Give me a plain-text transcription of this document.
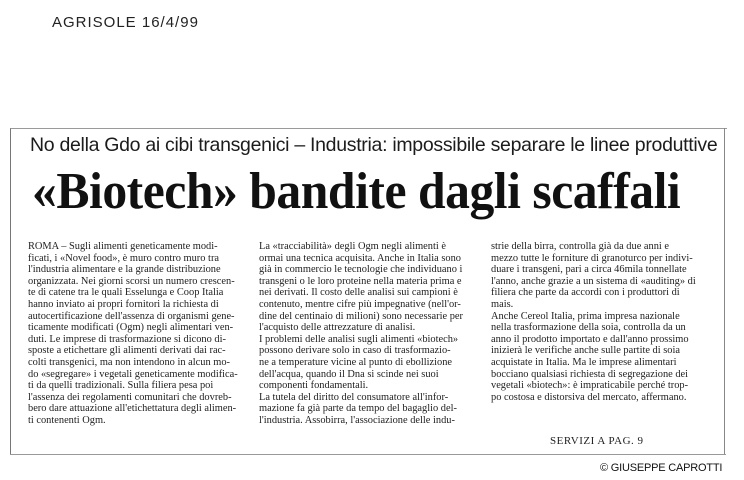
AGRISOLE 16/4/99
No della Gdo ai cibi transgenici – Industria: impossibile separare le linee produttive
«Biotech» bandite dagli scaffali
ROMA – Sugli alimenti geneticamente modi-
ficati, i «Novel food», è muro contro muro tra
l'industria alimentare e la grande distribuzione
organizzata. Nei giorni scorsi un numero crescen-
te di catene tra le quali Esselunga e Coop Italia
hanno inviato ai propri fornitori la richiesta di
autocertificazione dell'assenza di organismi gene-
ticamente modificati (Ogm) negli alimentari ven-
duti. Le imprese di trasformazione si dicono di-
sposte a etichettare gli alimenti derivati dai rac-
colti transgenici, ma non intendono in alcun mo-
do «segregare» i vegetali geneticamente modifica-
ti da quelli tradizionali. Sulla filiera pesa poi
l'assenza dei regolamenti comunitari che dovreb-
bero dare attuazione all'etichettatura degli alimen-
ti contenenti Ogm.
La «tracciabilità» degli Ogm negli alimenti è
ormai una tecnica acquisita. Anche in Italia sono
già in commercio le tecnologie che individuano i
transgeni o le loro proteine nella materia prima e
nei derivati. Il costo delle analisi sui campioni è
contenuto, mentre cifre più impegnative (nell'or-
dine del centinaio di milioni) sono necessarie per
l'acquisto delle attrezzature di analisi.
I problemi delle analisi sugli alimenti «biotech»
possono derivare solo in caso di trasformazio-
ne a temperature vicine al punto di ebollizione
dell'acqua, quando il Dna si scinde nei suoi
componenti fondamentali.
La tutela del diritto del consumatore all'infor-
mazione fa già parte da tempo del bagaglio del-
l'industria. Assobirra, l'associazione delle indu-
strie della birra, controlla già da due anni e
mezzo tutte le forniture di granoturco per indivi-
duare i transgeni, pari a circa 46mila tonnellate
l'anno, anche grazie a un sistema di «auditing» di
filiera che parte da accordi con i produttori di
mais.
Anche Cereol Italia, prima impresa nazionale
nella trasformazione della soia, controlla da un
anno il prodotto importato e dall'anno prossimo
inizierà le verifiche anche sulle partite di soia
acquistate in Italia. Ma le imprese alimentari
bocciano qualsiasi richiesta di segregazione dei
vegetali «biotech»: è impraticabile perché trop-
po costosa e distorsiva del mercato, affermano.
SERVIZI A PAG. 9
© GIUSEPPE CAPROTTI
